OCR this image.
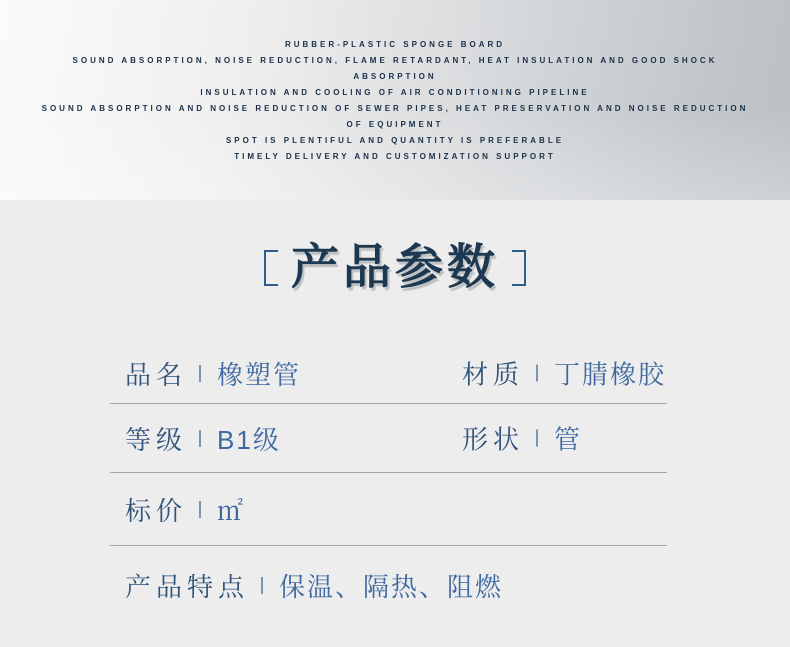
RUBBER-PLASTIC SPONGE BOARD
SOUND ABSORPTION, NOISE REDUCTION, FLAME RETARDANT, HEAT INSULATION AND GOOD SHOCK
ABSORPTION
INSULATION AND COOLING OF AIR CONDITIONING PIPELINE
SOUND ABSORPTION AND NOISE REDUCTION OF SEWER PIPES, HEAT PRESERVATION AND NOISE REDUCTION
OF EQUIPMENT
SPOT IS PLENTIFUL AND QUANTITY IS PREFERABLE
TIMELY DELIVERY AND CUSTOMIZATION SUPPORT
产品参数
品名 橡塑管	材质 丁腈橡胶
等级 B1级	形状 管
标价 ㎡
产品特点 保温、隔热、阻燃
